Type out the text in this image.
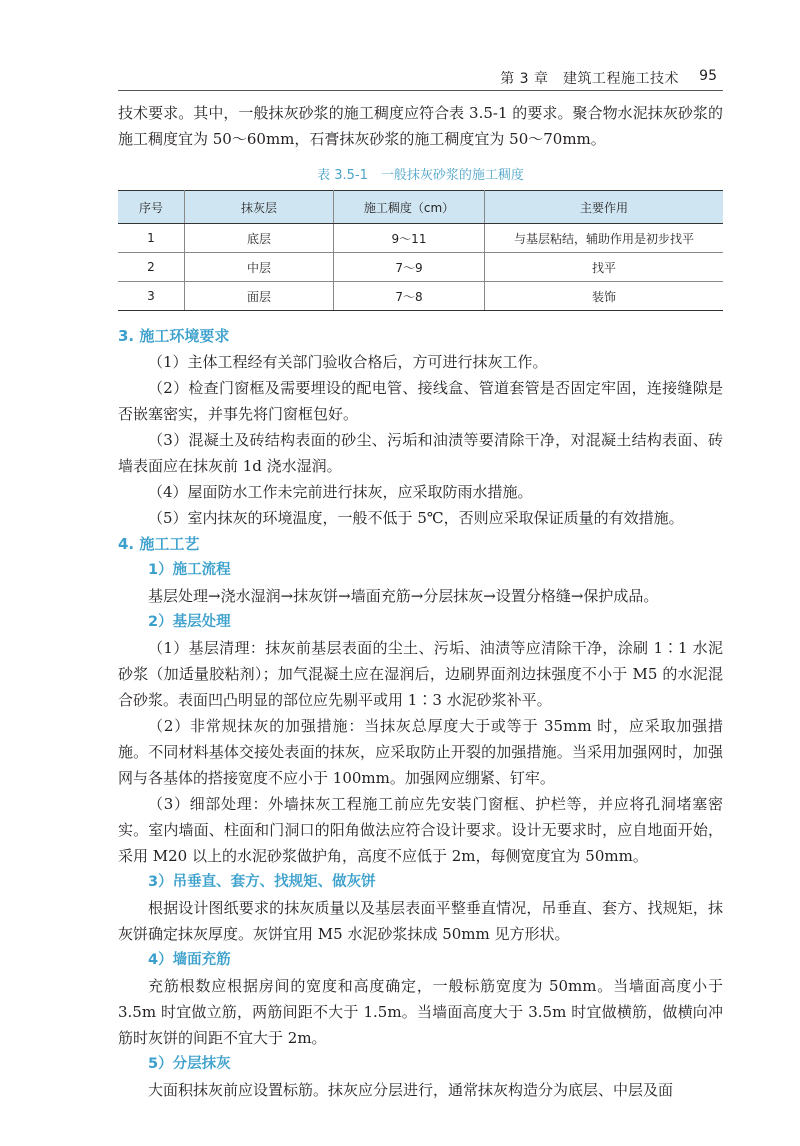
第 3 章　建筑工程施工技术 95

技术要求。其中，一般抹灰砂浆的施工稠度应符合表 3.5-1 的要求。聚合物水泥抹灰砂浆的施工稠度宜为 50～60mm，石膏抹灰砂浆的施工稠度宜为 50～70mm。

表 3.5-1　一般抹灰砂浆的施工稠度
序号	抹灰层	施工稠度（cm）	主要作用
1	底层	9～11	与基层粘结，辅助作用是初步找平
2	中层	7～9	找平
3	面层	7～8	装饰
3. 施工环境要求

（1）主体工程经有关部门验收合格后，方可进行抹灰工作。

（2）检查门窗框及需要埋设的配电管、接线盒、管道套管是否固定牢固，连接缝隙是否嵌塞密实，并事先将门窗框包好。

（3）混凝土及砖结构表面的砂尘、污垢和油渍等要清除干净，对混凝土结构表面、砖墙表面应在抹灰前 1d 浇水湿润。

（4）屋面防水工作未完前进行抹灰，应采取防雨水措施。

（5）室内抹灰的环境温度，一般不低于 5℃，否则应采取保证质量的有效措施。

4. 施工工艺
1）施工流程

基层处理→浇水湿润→抹灰饼→墙面充筋→分层抹灰→设置分格缝→保护成品。

2）基层处理

（1）基层清理：抹灰前基层表面的尘土、污垢、油渍等应清除干净，涂刷 1∶1 水泥砂浆（加适量胶粘剂）；加气混凝土应在湿润后，边刷界面剂边抹强度不小于 M5 的水泥混合砂浆。表面凹凸明显的部位应先剔平或用 1∶3 水泥砂浆补平。

（2）非常规抹灰的加强措施：当抹灰总厚度大于或等于 35mm 时，应采取加强措施。不同材料基体交接处表面的抹灰，应采取防止开裂的加强措施。当采用加强网时，加强网与各基体的搭接宽度不应小于 100mm。加强网应绷紧、钉牢。

（3）细部处理：外墙抹灰工程施工前应先安装门窗框、护栏等，并应将孔洞堵塞密实。室内墙面、柱面和门洞口的阳角做法应符合设计要求。设计无要求时，应自地面开始，采用 M20 以上的水泥砂浆做护角，高度不应低于 2m，每侧宽度宜为 50mm。

3）吊垂直、套方、找规矩、做灰饼

根据设计图纸要求的抹灰质量以及基层表面平整垂直情况，吊垂直、套方、找规矩，抹灰饼确定抹灰厚度。灰饼宜用 M5 水泥砂浆抹成 50mm 见方形状。

4）墙面充筋

充筋根数应根据房间的宽度和高度确定，一般标筋宽度为 50mm。当墙面高度小于 3.5m 时宜做立筋，两筋间距不大于 1.5m。当墙面高度大于 3.5m 时宜做横筋，做横向冲筋时灰饼的间距不宜大于 2m。

5）分层抹灰

大面积抹灰前应设置标筋。抹灰应分层进行，通常抹灰构造分为底层、中层及面
